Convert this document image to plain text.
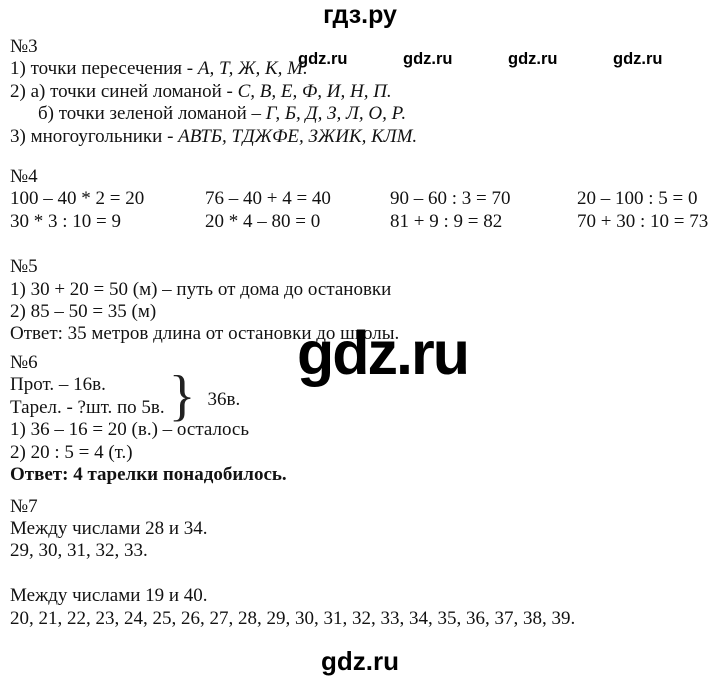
гдз.ру
gdz.ru	gdz.ru	gdz.ru	gdz.ru
№3
1) точки пересечения - А, Т, Ж, К, М.
2) а) точки синей ломаной - С, В, Е, Ф, И, Н, П.
б) точки зеленой ломаной – Г, Б, Д, З, Л, О, Р.
3) многоугольники - АВТБ, ТДЖФЕ, ЗЖИК, КЛМ.
№4
100 – 40 * 2 = 20	76 – 40 + 4 = 40	90 – 60 : 3 = 70	20 – 100 : 5 = 0
30 * 3 : 10 = 9	20 * 4 – 80 = 0	81 + 9 : 9 = 82	70 + 30 : 10 = 73
№5
1) 30 + 20 = 50 (м) – путь от дома до остановки
2) 85 – 50 = 35 (м)
Ответ: 35 метров длина от остановки до школы.
№6
Прот. – 16в.
Тарел. - ?шт. по 5в. } 36в.
1) 36 – 16 = 20 (в.) – осталось
2) 20 : 5 = 4 (т.)
Ответ: 4 тарелки понадобилось.
№7
Между числами 28 и 34.
29, 30, 31, 32, 33.
Между числами 19 и 40.
20, 21, 22, 23, 24, 25, 26, 27, 28, 29, 30, 31, 32, 33, 34, 35, 36, 37, 38, 39.
gdz.ru
gdz.ru
